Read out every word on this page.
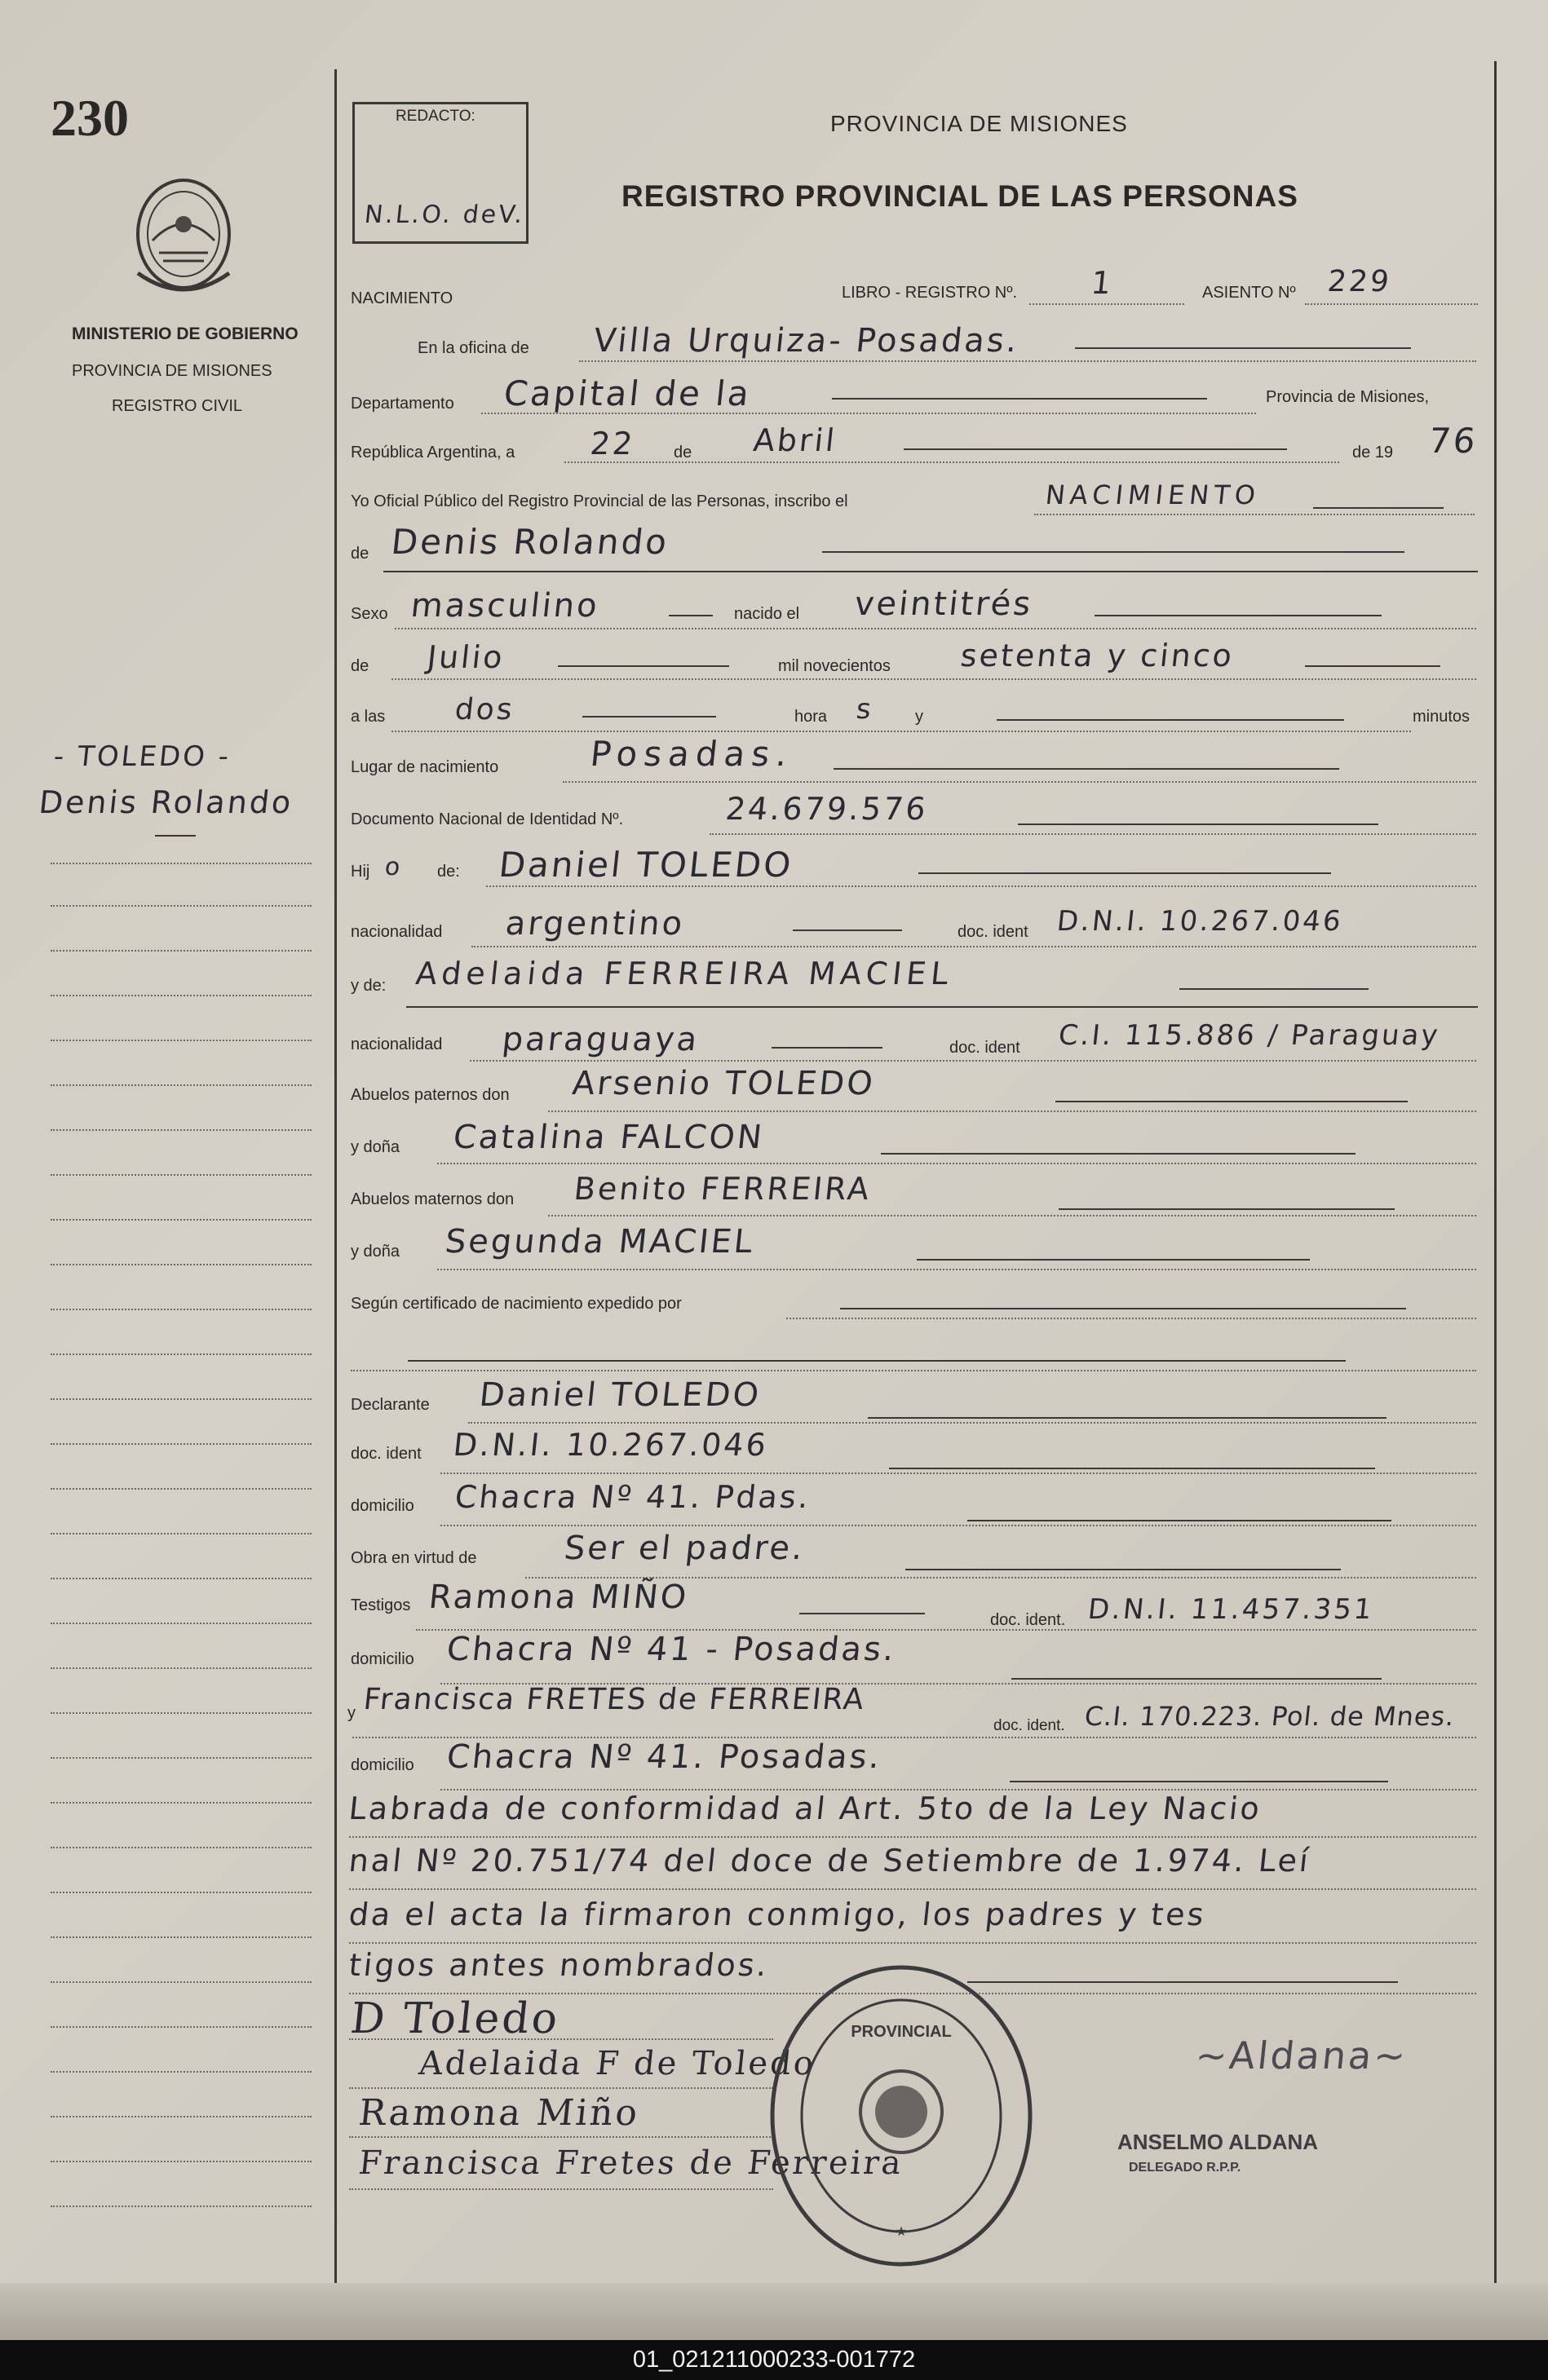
230
MINISTERIO DE GOBIERNO
PROVINCIA DE MISIONES
REGISTRO CIVIL
- TOLEDO -
Denis Rolando
REDACTO:
N.L.O. deV.
PROVINCIA DE MISIONES
REGISTRO PROVINCIAL DE LAS PERSONAS
NACIMIENTO	LIBRO - REGISTRO Nº. 1	ASIENTO Nº 229
En la oficina de Villa Urquiza- Posadas.
Departamento Capital de la	Provincia de Misiones,
República Argentina, a 22 de Abril	de 19 76
Yo Oficial Público del Registro Provincial de las Personas, inscribo el	NACIMIENTO
de Denis Rolando
Sexo masculino	nacido el veintitrés
de Julio	mil novecientos setenta y cinco
a las dos	hora s y	minutos
Lugar de nacimiento	Posadas.
Documento Nacional de Identidad Nº.	24.679.576
Hij o de: Daniel TOLEDO
nacionalidad argentino	doc. ident D.N.I. 10.267.046
y de: Adelaida FERREIRA MACIEL
nacionalidad paraguaya	doc. ident C.I. 115.886 / Paraguay
Abuelos paternos don Arsenio TOLEDO
y doña Catalina FALCON
Abuelos maternos don Benito FERREIRA
y doña Segunda MACIEL
Según certificado de nacimiento expedido por
Declarante Daniel TOLEDO
doc. ident D.N.I. 10.267.046
domicilio Chacra Nº 41. Pdas.
Obra en virtud de	Ser el padre.
Testigos Ramona MIÑO
doc. ident. D.N.I. 11.457.351
domicilio Chacra Nº 41 - Posadas.
y Francisca FRETES de FERREIRA
doc. ident. C.I. 170.223. Pol. de Mnes.
domicilio Chacra Nº 41. Posadas.
Labrada de conformidad al Art. 5to de la Ley Nacio
nal Nº 20.751/74 del doce de Setiembre de 1.974. Leí
da el acta la firmaron conmigo, los padres y tes
tigos antes nombrados.
D Toledo
Adelaida F de Toledo
Ramona Miño
Francisca Fretes de Ferreira
PROVINCIAL
★
~Aldana~
ANSELMO ALDANA
DELEGADO R.P.P.
01_021211000233-001772
